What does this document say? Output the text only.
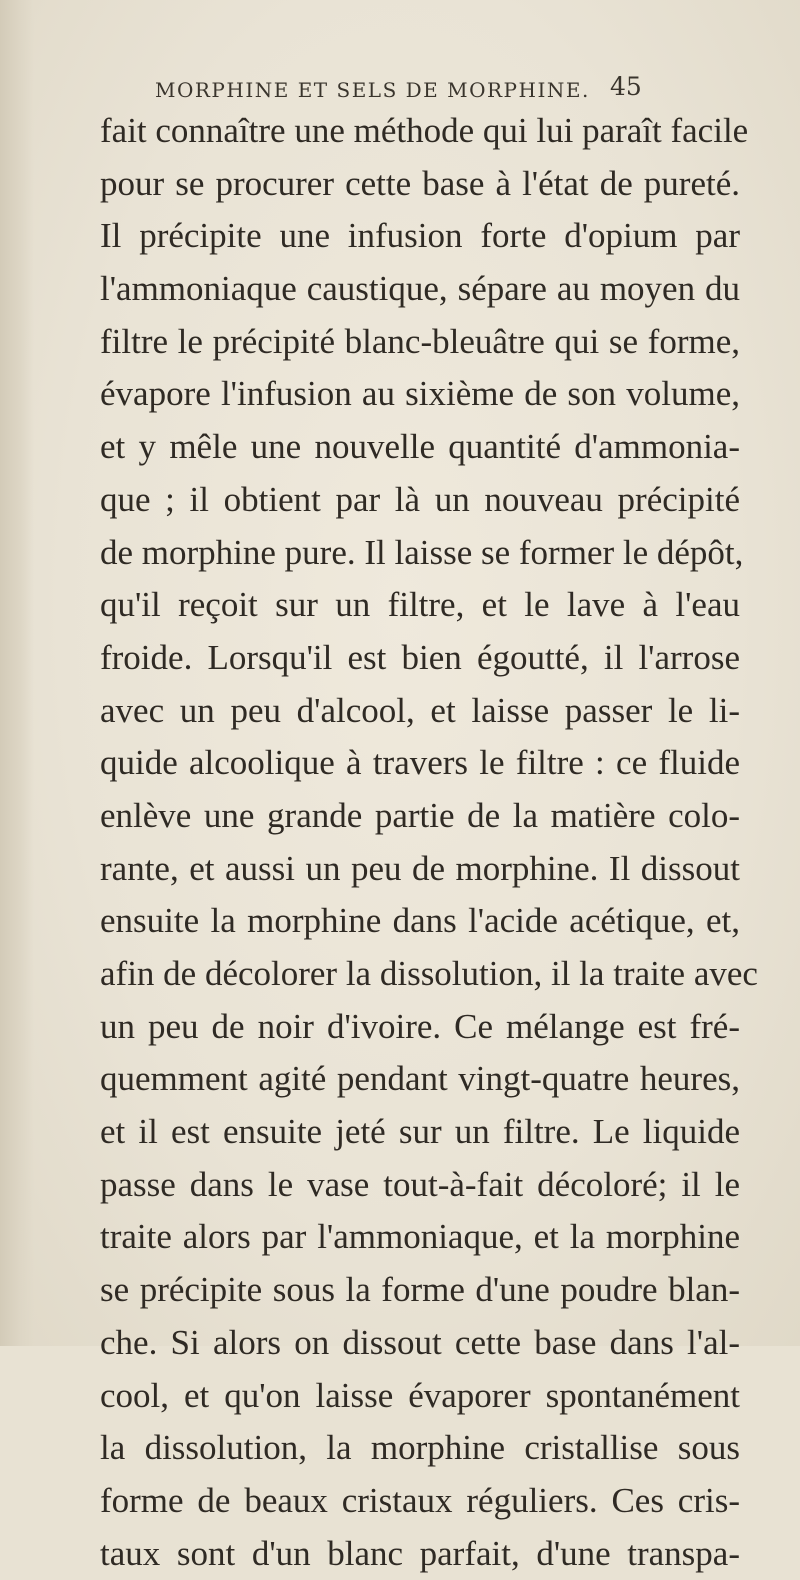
MORPHINE ET SELS DE MORPHINE. 45
fait connaître une méthode qui lui paraît facile
pour se procurer cette base à l'état de pureté.
Il précipite une infusion forte d'opium par
l'ammoniaque caustique, sépare au moyen du
filtre le précipité blanc-bleuâtre qui se forme,
évapore l'infusion au sixième de son volume,
et y mêle une nouvelle quantité d'ammonia-
que ; il obtient par là un nouveau précipité
de morphine pure. Il laisse se former le dépôt,
qu'il reçoit sur un filtre, et le lave à l'eau
froide. Lorsqu'il est bien égoutté, il l'arrose
avec un peu d'alcool, et laisse passer le li-
quide alcoolique à travers le filtre : ce fluide
enlève une grande partie de la matière colo-
rante, et aussi un peu de morphine. Il dissout
ensuite la morphine dans l'acide acétique, et,
afin de décolorer la dissolution, il la traite avec
un peu de noir d'ivoire. Ce mélange est fré-
quemment agité pendant vingt-quatre heures,
et il est ensuite jeté sur un filtre. Le liquide
passe dans le vase tout-à-fait décoloré; il le
traite alors par l'ammoniaque, et la morphine
se précipite sous la forme d'une poudre blan-
che. Si alors on dissout cette base dans l'al-
cool, et qu'on laisse évaporer spontanément
la dissolution, la morphine cristallise sous
forme de beaux cristaux réguliers. Ces cris-
taux sont d'un blanc parfait, d'une transpa-
